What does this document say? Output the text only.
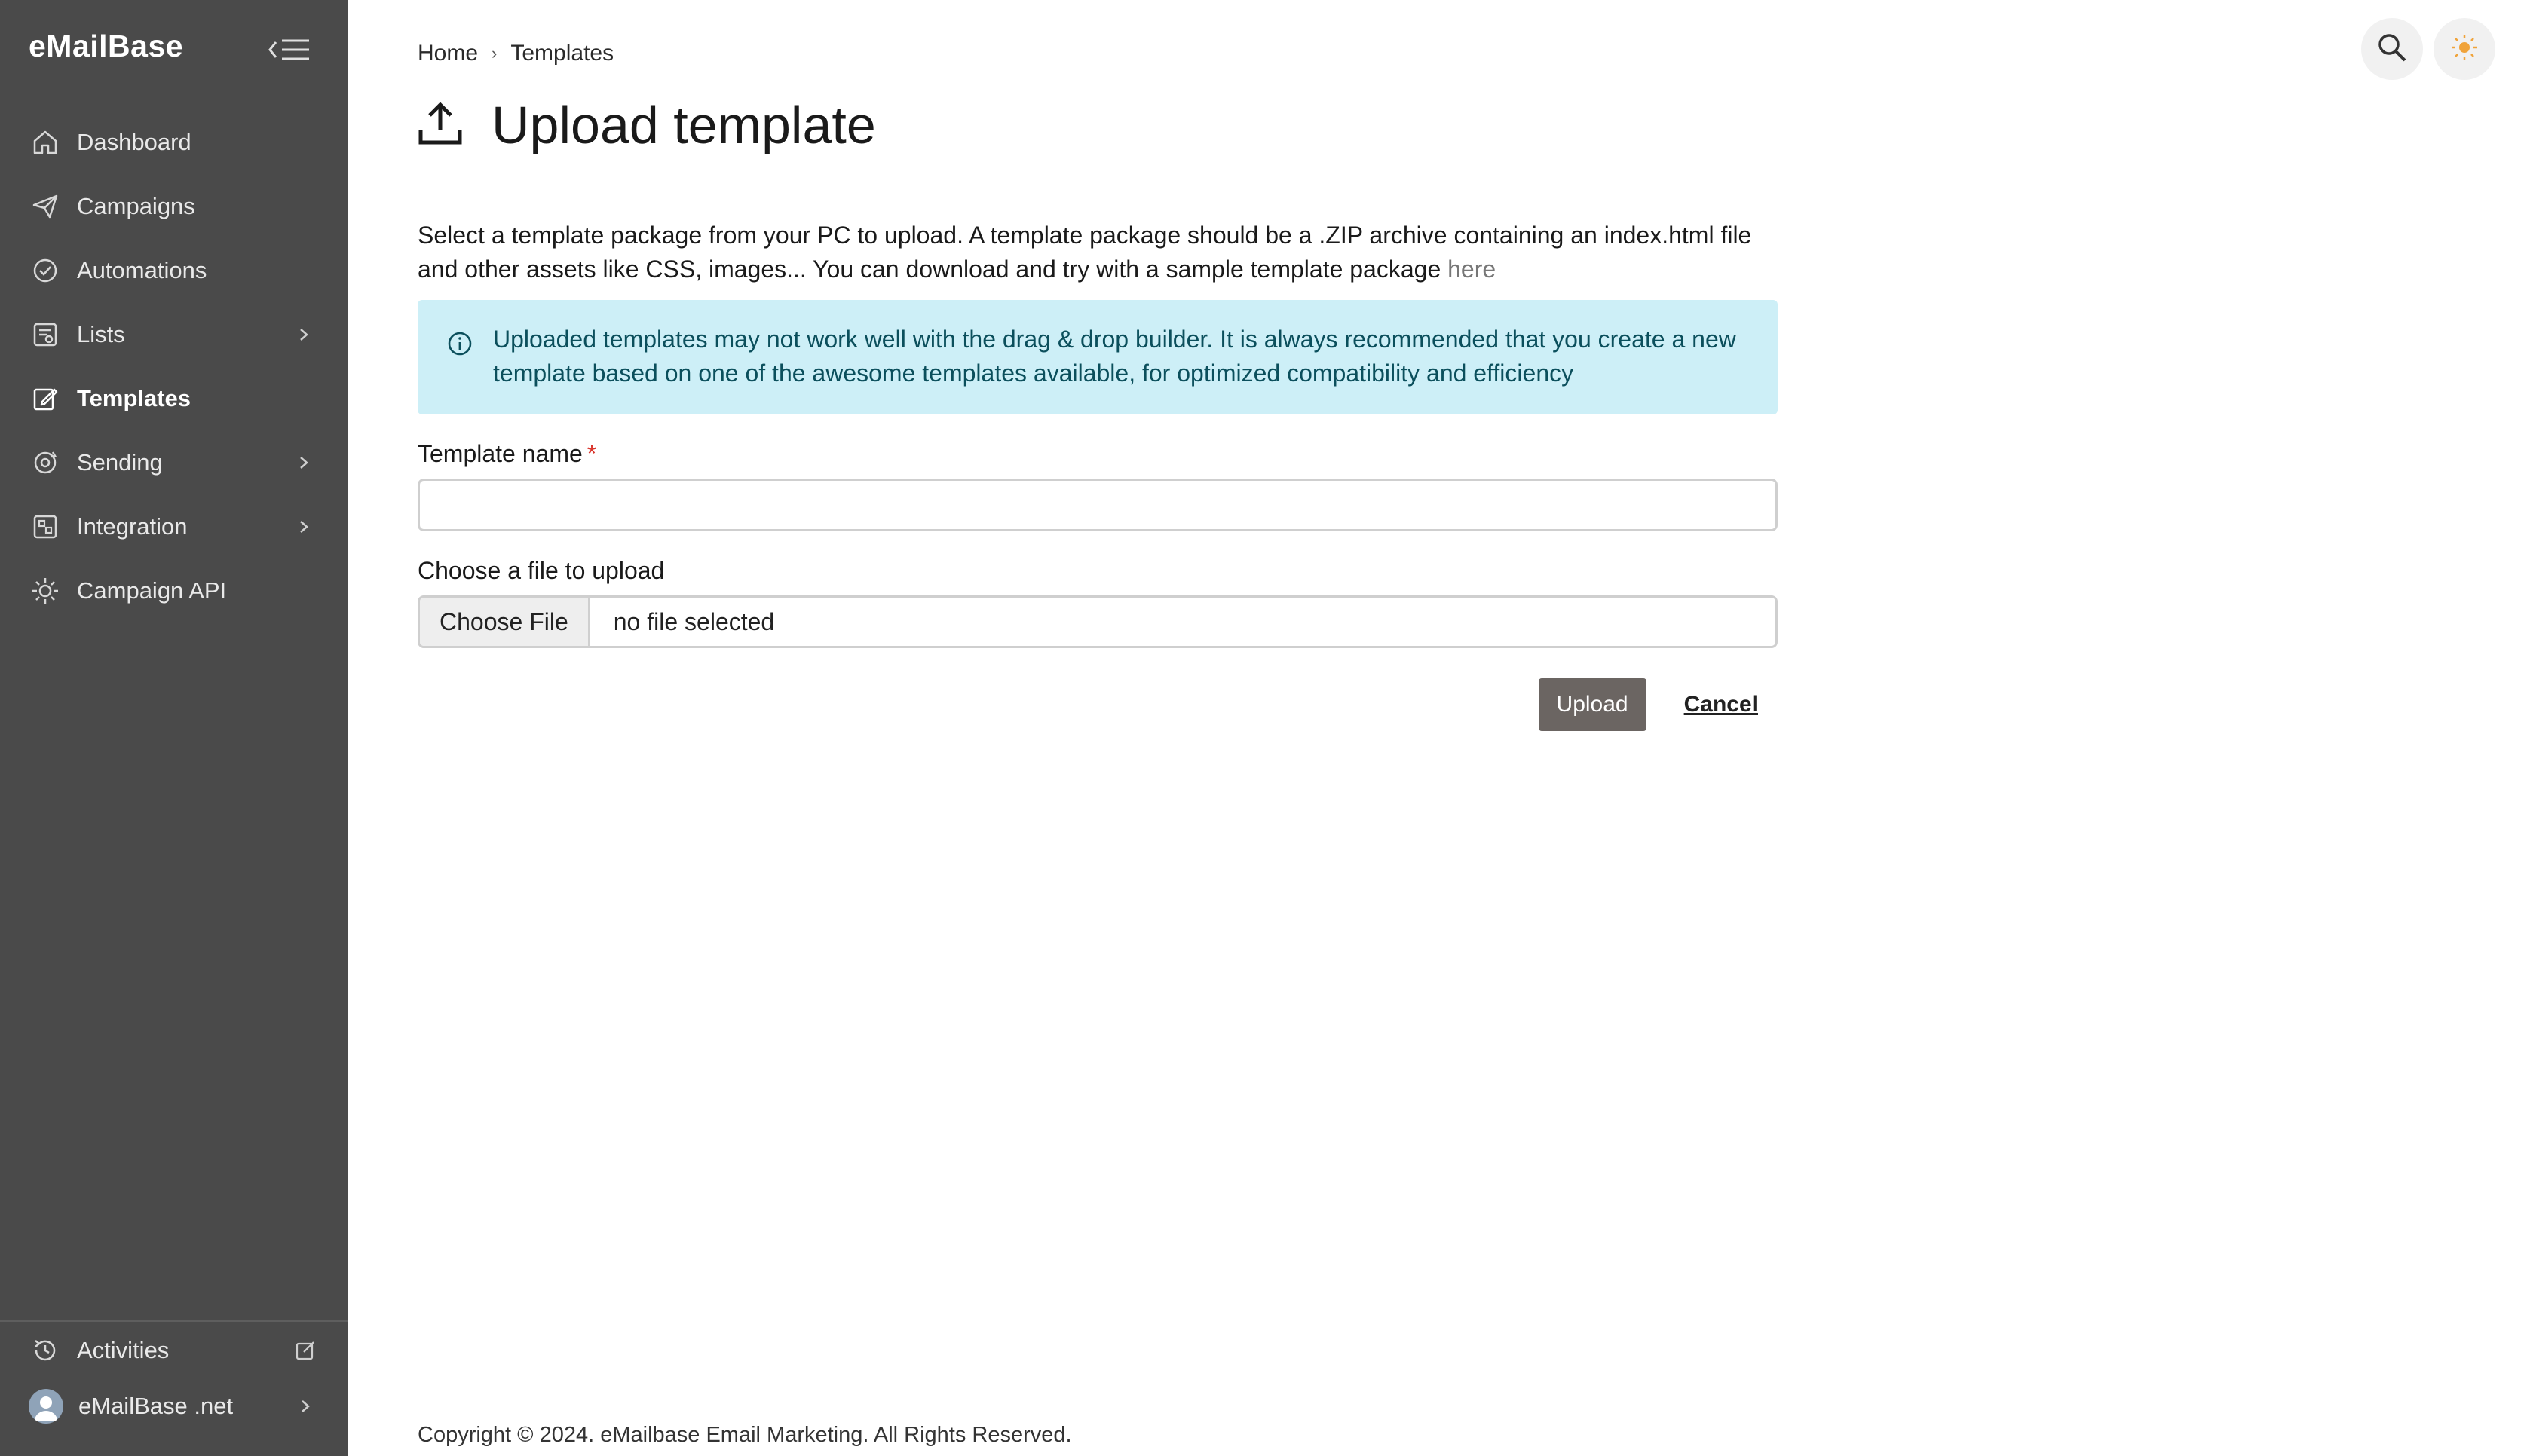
eMailBase
Dashboard
Campaigns
Automations
Lists
Templates
Sending
Integration
Campaign API
Activities
eMailBase .net
Home › Templates
Upload template

Select a template package from your PC to upload. A template package should be a .ZIP archive containing an index.html file and other assets like CSS, images... You can download and try with a sample template package here

Uploaded templates may not work well with the drag & drop builder. It is always recommended that you create a new template based on one of the awesome templates available, for optimized compatibility and efficiency
Template name *
Choose a file to upload
Choose File	no file selected
Upload	Cancel
Copyright © 2024. eMailbase Email Marketing. All Rights Reserved.
